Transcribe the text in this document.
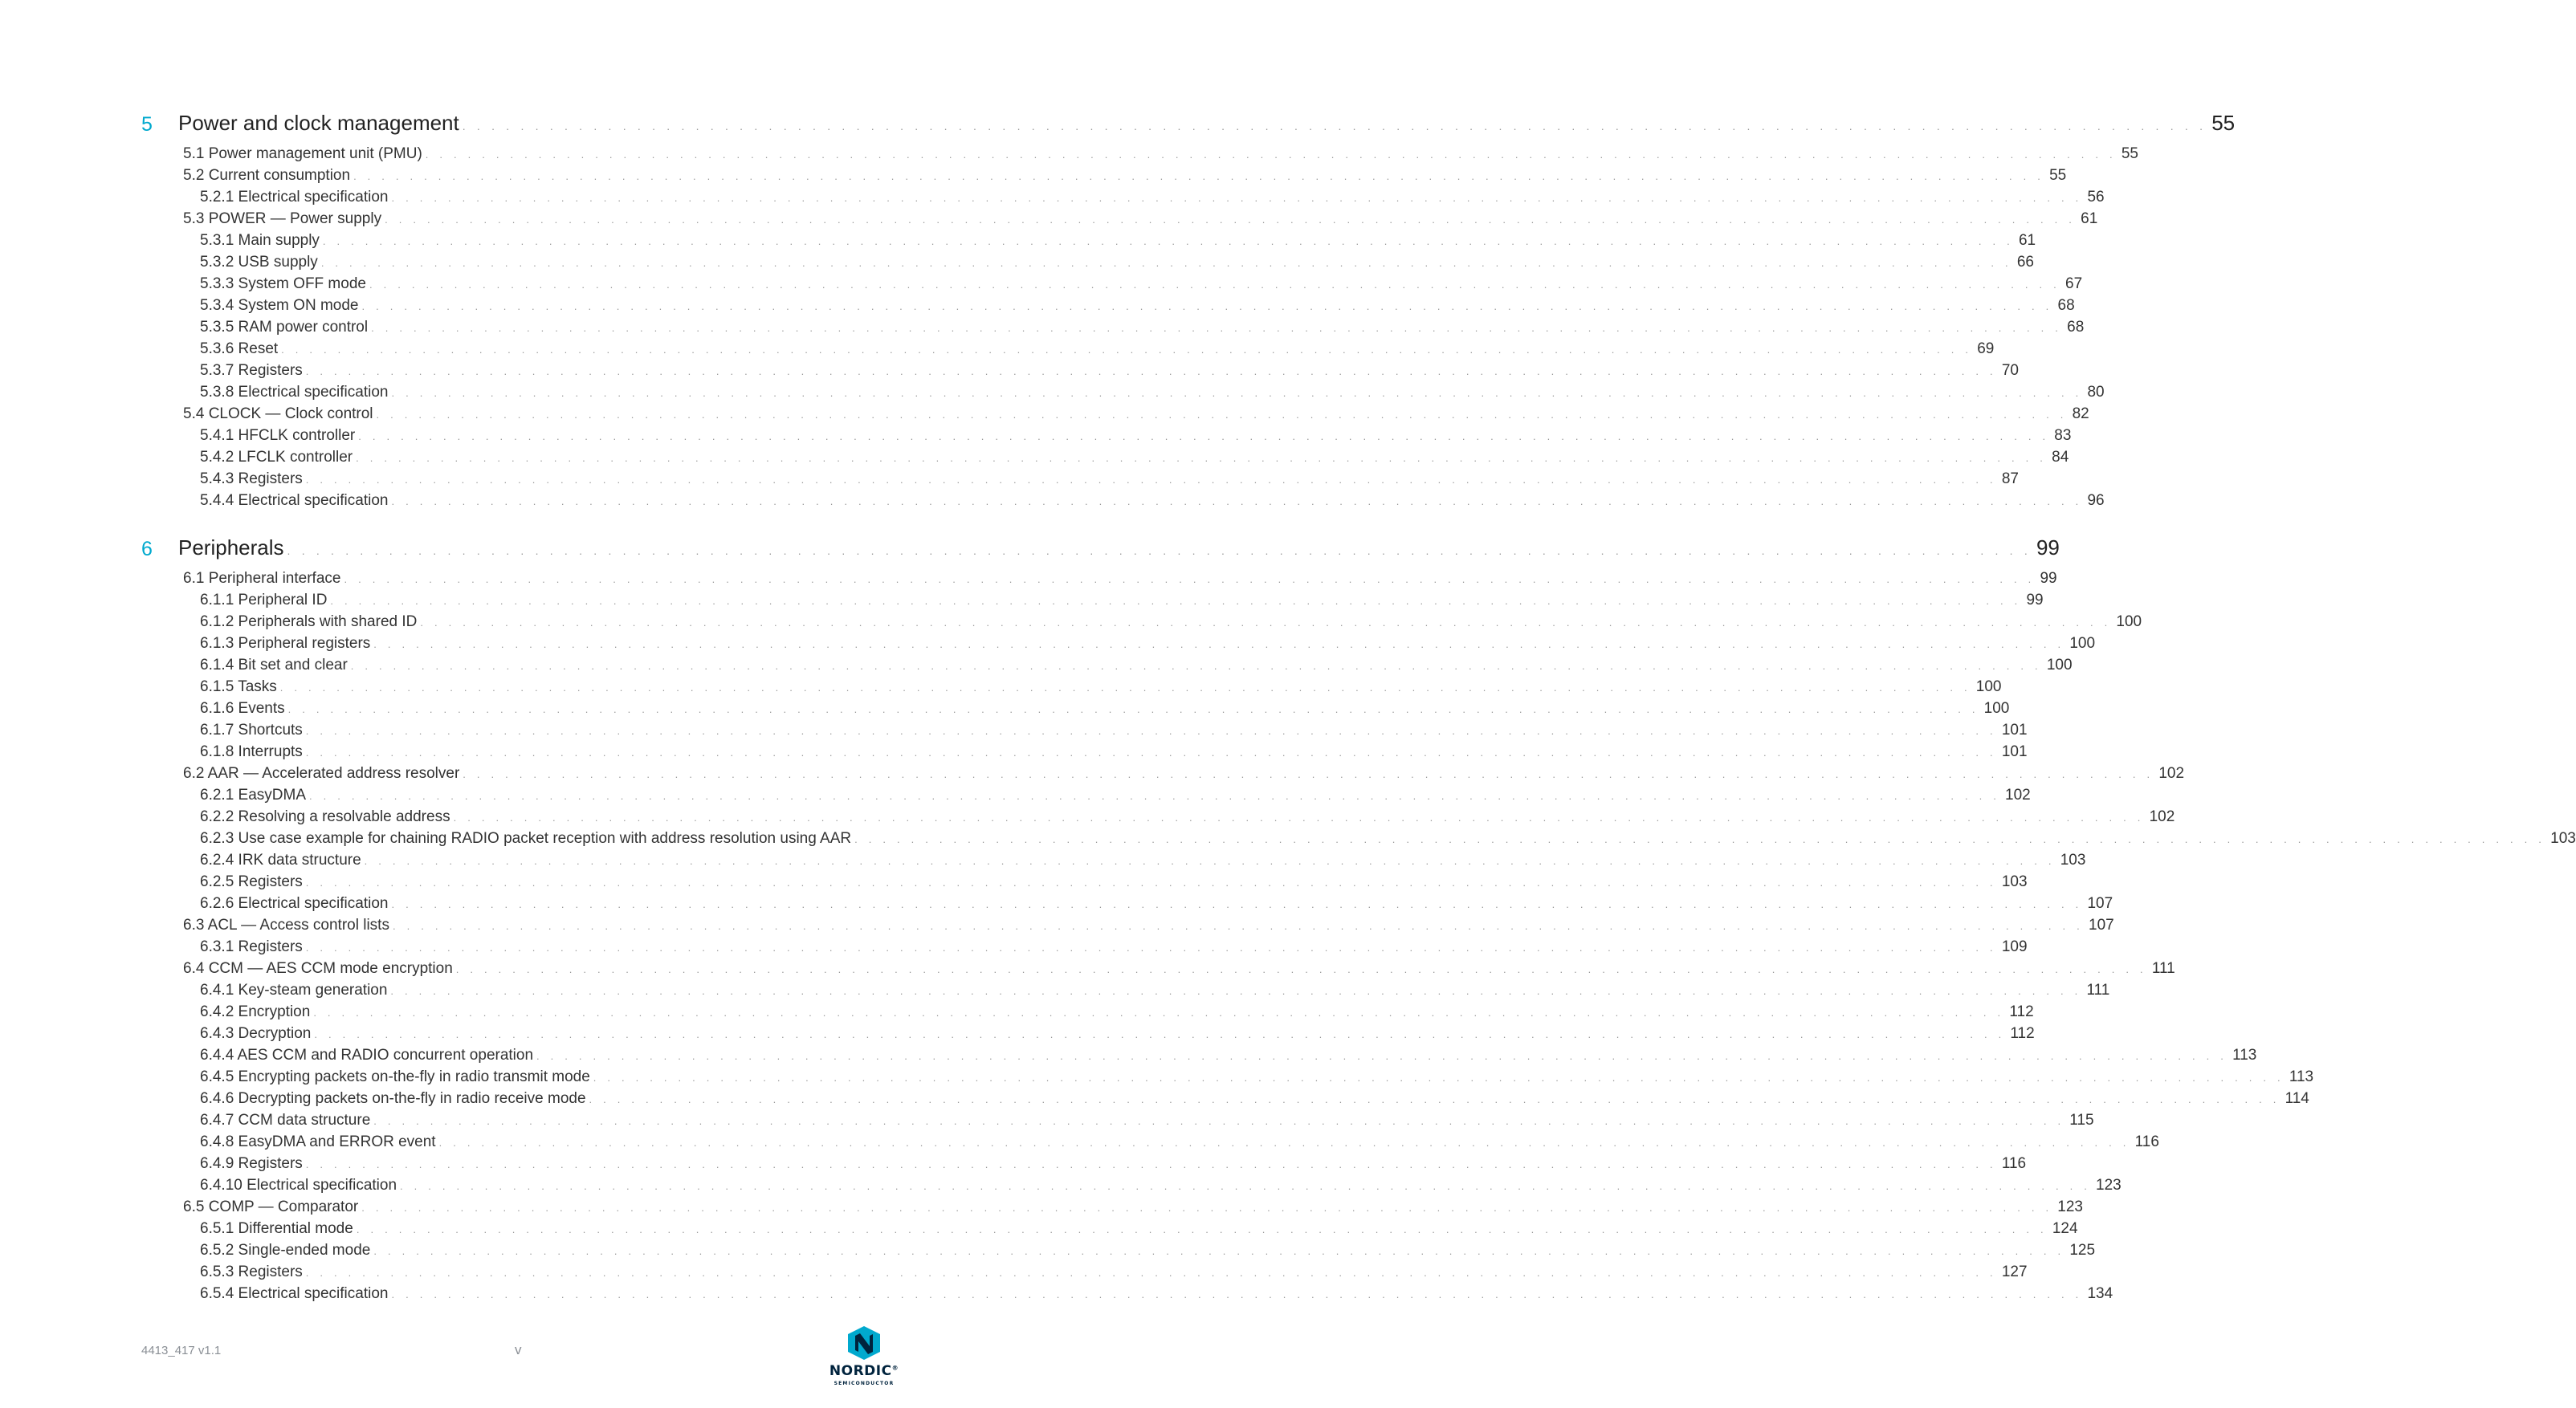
5 Power and clock management . . . . . . . . . . . . . . . . . . . . . . . . . . . . . . . . . . . . . . . . . . . . . . . . . . . . . . . . . . . . . . . . . . . . . . . . . . . . . . . . . . . . . . . . . . . . . . . . . . . . . . . . . . . . . . . . . . . . . . . . 55
5.1 Power management unit (PMU) . . . . . . . . . . . . . . . . . . . . . . . . . . . . . . . . . . . . . . . . . . . . . . . . . . . . . . . . . . . . . . . . . . . . . . . . . . . . . . . . . . . . . . . . . . . . . . . . . . . . . . . . . . . . . . . . . . . . . . . . 55
5.2 Current consumption . . . . . . . . . . . . . . . . . . . . . . . . . . . . . . . . . . . . . . . . . . . . . . . . . . . . . . . . . . . . . . . . . . . . . . . . . . . . . . . . . . . . . . . . . . . . . . . . . . . . . . . . . . . . . . . . . . . . . . . . 55
5.2.1 Electrical specification . . . . . . . . . . . . . . . . . . . . . . . . . . . . . . . . . . . . . . . . . . . . . . . . . . . . . . . . . . . . . . . . . . . . . . . . . . . . . . . . . . . . . . . . . . . . . . . . . . . . . . . . . . . . . . . . . . . . . . . . 56
5.3 POWER — Power supply . . . . . . . . . . . . . . . . . . . . . . . . . . . . . . . . . . . . . . . . . . . . . . . . . . . . . . . . . . . . . . . . . . . . . . . . . . . . . . . . . . . . . . . . . . . . . . . . . . . . . . . . . . . . . . . . . . . . . . . . 61
5.3.1 Main supply . . . . . . . . . . . . . . . . . . . . . . . . . . . . . . . . . . . . . . . . . . . . . . . . . . . . . . . . . . . . . . . . . . . . . . . . . . . . . . . . . . . . . . . . . . . . . . . . . . . . . . . . . . . . . . . . . . . . . . . . 61
5.3.2 USB supply . . . . . . . . . . . . . . . . . . . . . . . . . . . . . . . . . . . . . . . . . . . . . . . . . . . . . . . . . . . . . . . . . . . . . . . . . . . . . . . . . . . . . . . . . . . . . . . . . . . . . . . . . . . . . . . . . . . . . . . . 66
5.3.3 System OFF mode . . . . . . . . . . . . . . . . . . . . . . . . . . . . . . . . . . . . . . . . . . . . . . . . . . . . . . . . . . . . . . . . . . . . . . . . . . . . . . . . . . . . . . . . . . . . . . . . . . . . . . . . . . . . . . . . . . . . . . . . 67
5.3.4 System ON mode . . . . . . . . . . . . . . . . . . . . . . . . . . . . . . . . . . . . . . . . . . . . . . . . . . . . . . . . . . . . . . . . . . . . . . . . . . . . . . . . . . . . . . . . . . . . . . . . . . . . . . . . . . . . . . . . . . . . . . . . 68
5.3.5 RAM power control . . . . . . . . . . . . . . . . . . . . . . . . . . . . . . . . . . . . . . . . . . . . . . . . . . . . . . . . . . . . . . . . . . . . . . . . . . . . . . . . . . . . . . . . . . . . . . . . . . . . . . . . . . . . . . . . . . . . . . . . 68
5.3.6 Reset . . . . . . . . . . . . . . . . . . . . . . . . . . . . . . . . . . . . . . . . . . . . . . . . . . . . . . . . . . . . . . . . . . . . . . . . . . . . . . . . . . . . . . . . . . . . . . . . . . . . . . . . . . . . . . . . . . . . . . . . 69
5.3.7 Registers . . . . . . . . . . . . . . . . . . . . . . . . . . . . . . . . . . . . . . . . . . . . . . . . . . . . . . . . . . . . . . . . . . . . . . . . . . . . . . . . . . . . . . . . . . . . . . . . . . . . . . . . . . . . . . . . . . . . . . . . 70
5.3.8 Electrical specification . . . . . . . . . . . . . . . . . . . . . . . . . . . . . . . . . . . . . . . . . . . . . . . . . . . . . . . . . . . . . . . . . . . . . . . . . . . . . . . . . . . . . . . . . . . . . . . . . . . . . . . . . . . . . . . . . . . . . . . . 80
5.4 CLOCK — Clock control . . . . . . . . . . . . . . . . . . . . . . . . . . . . . . . . . . . . . . . . . . . . . . . . . . . . . . . . . . . . . . . . . . . . . . . . . . . . . . . . . . . . . . . . . . . . . . . . . . . . . . . . . . . . . . . . . . . . . . . . 82
5.4.1 HFCLK controller . . . . . . . . . . . . . . . . . . . . . . . . . . . . . . . . . . . . . . . . . . . . . . . . . . . . . . . . . . . . . . . . . . . . . . . . . . . . . . . . . . . . . . . . . . . . . . . . . . . . . . . . . . . . . . . . . . . . . . . . 83
5.4.2 LFCLK controller . . . . . . . . . . . . . . . . . . . . . . . . . . . . . . . . . . . . . . . . . . . . . . . . . . . . . . . . . . . . . . . . . . . . . . . . . . . . . . . . . . . . . . . . . . . . . . . . . . . . . . . . . . . . . . . . . . . . . . . . 84
5.4.3 Registers . . . . . . . . . . . . . . . . . . . . . . . . . . . . . . . . . . . . . . . . . . . . . . . . . . . . . . . . . . . . . . . . . . . . . . . . . . . . . . . . . . . . . . . . . . . . . . . . . . . . . . . . . . . . . . . . . . . . . . . . 87
5.4.4 Electrical specification . . . . . . . . . . . . . . . . . . . . . . . . . . . . . . . . . . . . . . . . . . . . . . . . . . . . . . . . . . . . . . . . . . . . . . . . . . . . . . . . . . . . . . . . . . . . . . . . . . . . . . . . . . . . . . . . . . . . . . . . 96
6 Peripherals . . . . . . . . . . . . . . . . . . . . . . . . . . . . . . . . . . . . . . . . . . . . . . . . . . . . . . . . . . . . . . . . . . . . . . . . . . . . . . . . . . . . . . . . . . . . . . . . . . . . . . . . . . . . . . . . . . . . . . . . 99
6.1 Peripheral interface . . . . . . . . . . . . . . . . . . . . . . . . . . . . . . . . . . . . . . . . . . . . . . . . . . . . . . . . . . . . . . . . . . . . . . . . . . . . . . . . . . . . . . . . . . . . . . . . . . . . . . . . . . . . . . . . . . . . . . . . 99
6.1.1 Peripheral ID . . . . . . . . . . . . . . . . . . . . . . . . . . . . . . . . . . . . . . . . . . . . . . . . . . . . . . . . . . . . . . . . . . . . . . . . . . . . . . . . . . . . . . . . . . . . . . . . . . . . . . . . . . . . . . . . . . . . . . . . 99
6.1.2 Peripherals with shared ID . . . . . . . . . . . . . . . . . . . . . . . . . . . . . . . . . . . . . . . . . . . . . . . . . . . . . . . . . . . . . . . . . . . . . . . . . . . . . . . . . . . . . . . . . . . . . . . . . . . . . . . . . . . . . . . . . . . . . . . . 100
6.1.3 Peripheral registers . . . . . . . . . . . . . . . . . . . . . . . . . . . . . . . . . . . . . . . . . . . . . . . . . . . . . . . . . . . . . . . . . . . . . . . . . . . . . . . . . . . . . . . . . . . . . . . . . . . . . . . . . . . . . . . . . . . . . . . . 100
6.1.4 Bit set and clear . . . . . . . . . . . . . . . . . . . . . . . . . . . . . . . . . . . . . . . . . . . . . . . . . . . . . . . . . . . . . . . . . . . . . . . . . . . . . . . . . . . . . . . . . . . . . . . . . . . . . . . . . . . . . . . . . . . . . . . . 100
6.1.5 Tasks . . . . . . . . . . . . . . . . . . . . . . . . . . . . . . . . . . . . . . . . . . . . . . . . . . . . . . . . . . . . . . . . . . . . . . . . . . . . . . . . . . . . . . . . . . . . . . . . . . . . . . . . . . . . . . . . . . . . . . . . 100
6.1.6 Events . . . . . . . . . . . . . . . . . . . . . . . . . . . . . . . . . . . . . . . . . . . . . . . . . . . . . . . . . . . . . . . . . . . . . . . . . . . . . . . . . . . . . . . . . . . . . . . . . . . . . . . . . . . . . . . . . . . . . . . . 100
6.1.7 Shortcuts . . . . . . . . . . . . . . . . . . . . . . . . . . . . . . . . . . . . . . . . . . . . . . . . . . . . . . . . . . . . . . . . . . . . . . . . . . . . . . . . . . . . . . . . . . . . . . . . . . . . . . . . . . . . . . . . . . . . . . . . 101
6.1.8 Interrupts . . . . . . . . . . . . . . . . . . . . . . . . . . . . . . . . . . . . . . . . . . . . . . . . . . . . . . . . . . . . . . . . . . . . . . . . . . . . . . . . . . . . . . . . . . . . . . . . . . . . . . . . . . . . . . . . . . . . . . . . 101
6.2 AAR — Accelerated address resolver . . . . . . . . . . . . . . . . . . . . . . . . . . . . . . . . . . . . . . . . . . . . . . . . . . . . . . . . . . . . . . . . . . . . . . . . . . . . . . . . . . . . . . . . . . . . . . . . . . . . . . . . . . . . . . . . . . . . . . . . 102
6.2.1 EasyDMA . . . . . . . . . . . . . . . . . . . . . . . . . . . . . . . . . . . . . . . . . . . . . . . . . . . . . . . . . . . . . . . . . . . . . . . . . . . . . . . . . . . . . . . . . . . . . . . . . . . . . . . . . . . . . . . . . . . . . . . . 102
6.2.2 Resolving a resolvable address . . . . . . . . . . . . . . . . . . . . . . . . . . . . . . . . . . . . . . . . . . . . . . . . . . . . . . . . . . . . . . . . . . . . . . . . . . . . . . . . . . . . . . . . . . . . . . . . . . . . . . . . . . . . . . . . . . . . . . . . 102
6.2.3 Use case example for chaining RADIO packet reception with address resolution using AAR . . . . . . . . . . . . . . . . . . . . . . . . . . . . . . . . . . . . . . . . . . . . . . . . . . . . . . . . . . . . . . . . . . . . . . . . . . . . . . . . . . . . . . . . . . . . . . . . . . . . . . . . . . . . . . . . . . . . . . . . 103
6.2.4 IRK data structure . . . . . . . . . . . . . . . . . . . . . . . . . . . . . . . . . . . . . . . . . . . . . . . . . . . . . . . . . . . . . . . . . . . . . . . . . . . . . . . . . . . . . . . . . . . . . . . . . . . . . . . . . . . . . . . . . . . . . . . . 103
6.2.5 Registers . . . . . . . . . . . . . . . . . . . . . . . . . . . . . . . . . . . . . . . . . . . . . . . . . . . . . . . . . . . . . . . . . . . . . . . . . . . . . . . . . . . . . . . . . . . . . . . . . . . . . . . . . . . . . . . . . . . . . . . . 103
6.2.6 Electrical specification . . . . . . . . . . . . . . . . . . . . . . . . . . . . . . . . . . . . . . . . . . . . . . . . . . . . . . . . . . . . . . . . . . . . . . . . . . . . . . . . . . . . . . . . . . . . . . . . . . . . . . . . . . . . . . . . . . . . . . . . 107
6.3 ACL — Access control lists . . . . . . . . . . . . . . . . . . . . . . . . . . . . . . . . . . . . . . . . . . . . . . . . . . . . . . . . . . . . . . . . . . . . . . . . . . . . . . . . . . . . . . . . . . . . . . . . . . . . . . . . . . . . . . . . . . . . . . . . 107
6.3.1 Registers . . . . . . . . . . . . . . . . . . . . . . . . . . . . . . . . . . . . . . . . . . . . . . . . . . . . . . . . . . . . . . . . . . . . . . . . . . . . . . . . . . . . . . . . . . . . . . . . . . . . . . . . . . . . . . . . . . . . . . . . 109
6.4 CCM — AES CCM mode encryption . . . . . . . . . . . . . . . . . . . . . . . . . . . . . . . . . . . . . . . . . . . . . . . . . . . . . . . . . . . . . . . . . . . . . . . . . . . . . . . . . . . . . . . . . . . . . . . . . . . . . . . . . . . . . . . . . . . . . . . . 111
6.4.1 Key-steam generation . . . . . . . . . . . . . . . . . . . . . . . . . . . . . . . . . . . . . . . . . . . . . . . . . . . . . . . . . . . . . . . . . . . . . . . . . . . . . . . . . . . . . . . . . . . . . . . . . . . . . . . . . . . . . . . . . . . . . . . . 111
6.4.2 Encryption . . . . . . . . . . . . . . . . . . . . . . . . . . . . . . . . . . . . . . . . . . . . . . . . . . . . . . . . . . . . . . . . . . . . . . . . . . . . . . . . . . . . . . . . . . . . . . . . . . . . . . . . . . . . . . . . . . . . . . . . 112
6.4.3 Decryption . . . . . . . . . . . . . . . . . . . . . . . . . . . . . . . . . . . . . . . . . . . . . . . . . . . . . . . . . . . . . . . . . . . . . . . . . . . . . . . . . . . . . . . . . . . . . . . . . . . . . . . . . . . . . . . . . . . . . . . . 112
6.4.4 AES CCM and RADIO concurrent operation . . . . . . . . . . . . . . . . . . . . . . . . . . . . . . . . . . . . . . . . . . . . . . . . . . . . . . . . . . . . . . . . . . . . . . . . . . . . . . . . . . . . . . . . . . . . . . . . . . . . . . . . . . . . . . . . . . . . . . . . 113
6.4.5 Encrypting packets on-the-fly in radio transmit mode . . . . . . . . . . . . . . . . . . . . . . . . . . . . . . . . . . . . . . . . . . . . . . . . . . . . . . . . . . . . . . . . . . . . . . . . . . . . . . . . . . . . . . . . . . . . . . . . . . . . . . . . . . . . . . . . . . . . . . . . 113
6.4.6 Decrypting packets on-the-fly in radio receive mode . . . . . . . . . . . . . . . . . . . . . . . . . . . . . . . . . . . . . . . . . . . . . . . . . . . . . . . . . . . . . . . . . . . . . . . . . . . . . . . . . . . . . . . . . . . . . . . . . . . . . . . . . . . . . . . . . . . . . . . . 114
6.4.7 CCM data structure . . . . . . . . . . . . . . . . . . . . . . . . . . . . . . . . . . . . . . . . . . . . . . . . . . . . . . . . . . . . . . . . . . . . . . . . . . . . . . . . . . . . . . . . . . . . . . . . . . . . . . . . . . . . . . . . . . . . . . . . 115
6.4.8 EasyDMA and ERROR event . . . . . . . . . . . . . . . . . . . . . . . . . . . . . . . . . . . . . . . . . . . . . . . . . . . . . . . . . . . . . . . . . . . . . . . . . . . . . . . . . . . . . . . . . . . . . . . . . . . . . . . . . . . . . . . . . . . . . . . . 116
6.4.9 Registers . . . . . . . . . . . . . . . . . . . . . . . . . . . . . . . . . . . . . . . . . . . . . . . . . . . . . . . . . . . . . . . . . . . . . . . . . . . . . . . . . . . . . . . . . . . . . . . . . . . . . . . . . . . . . . . . . . . . . . . . 116
6.4.10 Electrical specification . . . . . . . . . . . . . . . . . . . . . . . . . . . . . . . . . . . . . . . . . . . . . . . . . . . . . . . . . . . . . . . . . . . . . . . . . . . . . . . . . . . . . . . . . . . . . . . . . . . . . . . . . . . . . . . . . . . . . . . . 123
6.5 COMP — Comparator . . . . . . . . . . . . . . . . . . . . . . . . . . . . . . . . . . . . . . . . . . . . . . . . . . . . . . . . . . . . . . . . . . . . . . . . . . . . . . . . . . . . . . . . . . . . . . . . . . . . . . . . . . . . . . . . . . . . . . . . 123
6.5.1 Differential mode . . . . . . . . . . . . . . . . . . . . . . . . . . . . . . . . . . . . . . . . . . . . . . . . . . . . . . . . . . . . . . . . . . . . . . . . . . . . . . . . . . . . . . . . . . . . . . . . . . . . . . . . . . . . . . . . . . . . . . . . 124
6.5.2 Single-ended mode . . . . . . . . . . . . . . . . . . . . . . . . . . . . . . . . . . . . . . . . . . . . . . . . . . . . . . . . . . . . . . . . . . . . . . . . . . . . . . . . . . . . . . . . . . . . . . . . . . . . . . . . . . . . . . . . . . . . . . . . 125
6.5.3 Registers . . . . . . . . . . . . . . . . . . . . . . . . . . . . . . . . . . . . . . . . . . . . . . . . . . . . . . . . . . . . . . . . . . . . . . . . . . . . . . . . . . . . . . . . . . . . . . . . . . . . . . . . . . . . . . . . . . . . . . . . 127
6.5.4 Electrical specification . . . . . . . . . . . . . . . . . . . . . . . . . . . . . . . . . . . . . . . . . . . . . . . . . . . . . . . . . . . . . . . . . . . . . . . . . . . . . . . . . . . . . . . . . . . . . . . . . . . . . . . . . . . . . . . . . . . . . . . . 134
4413_417 v1.1	v
NORDIC®
SEMICONDUCTOR
